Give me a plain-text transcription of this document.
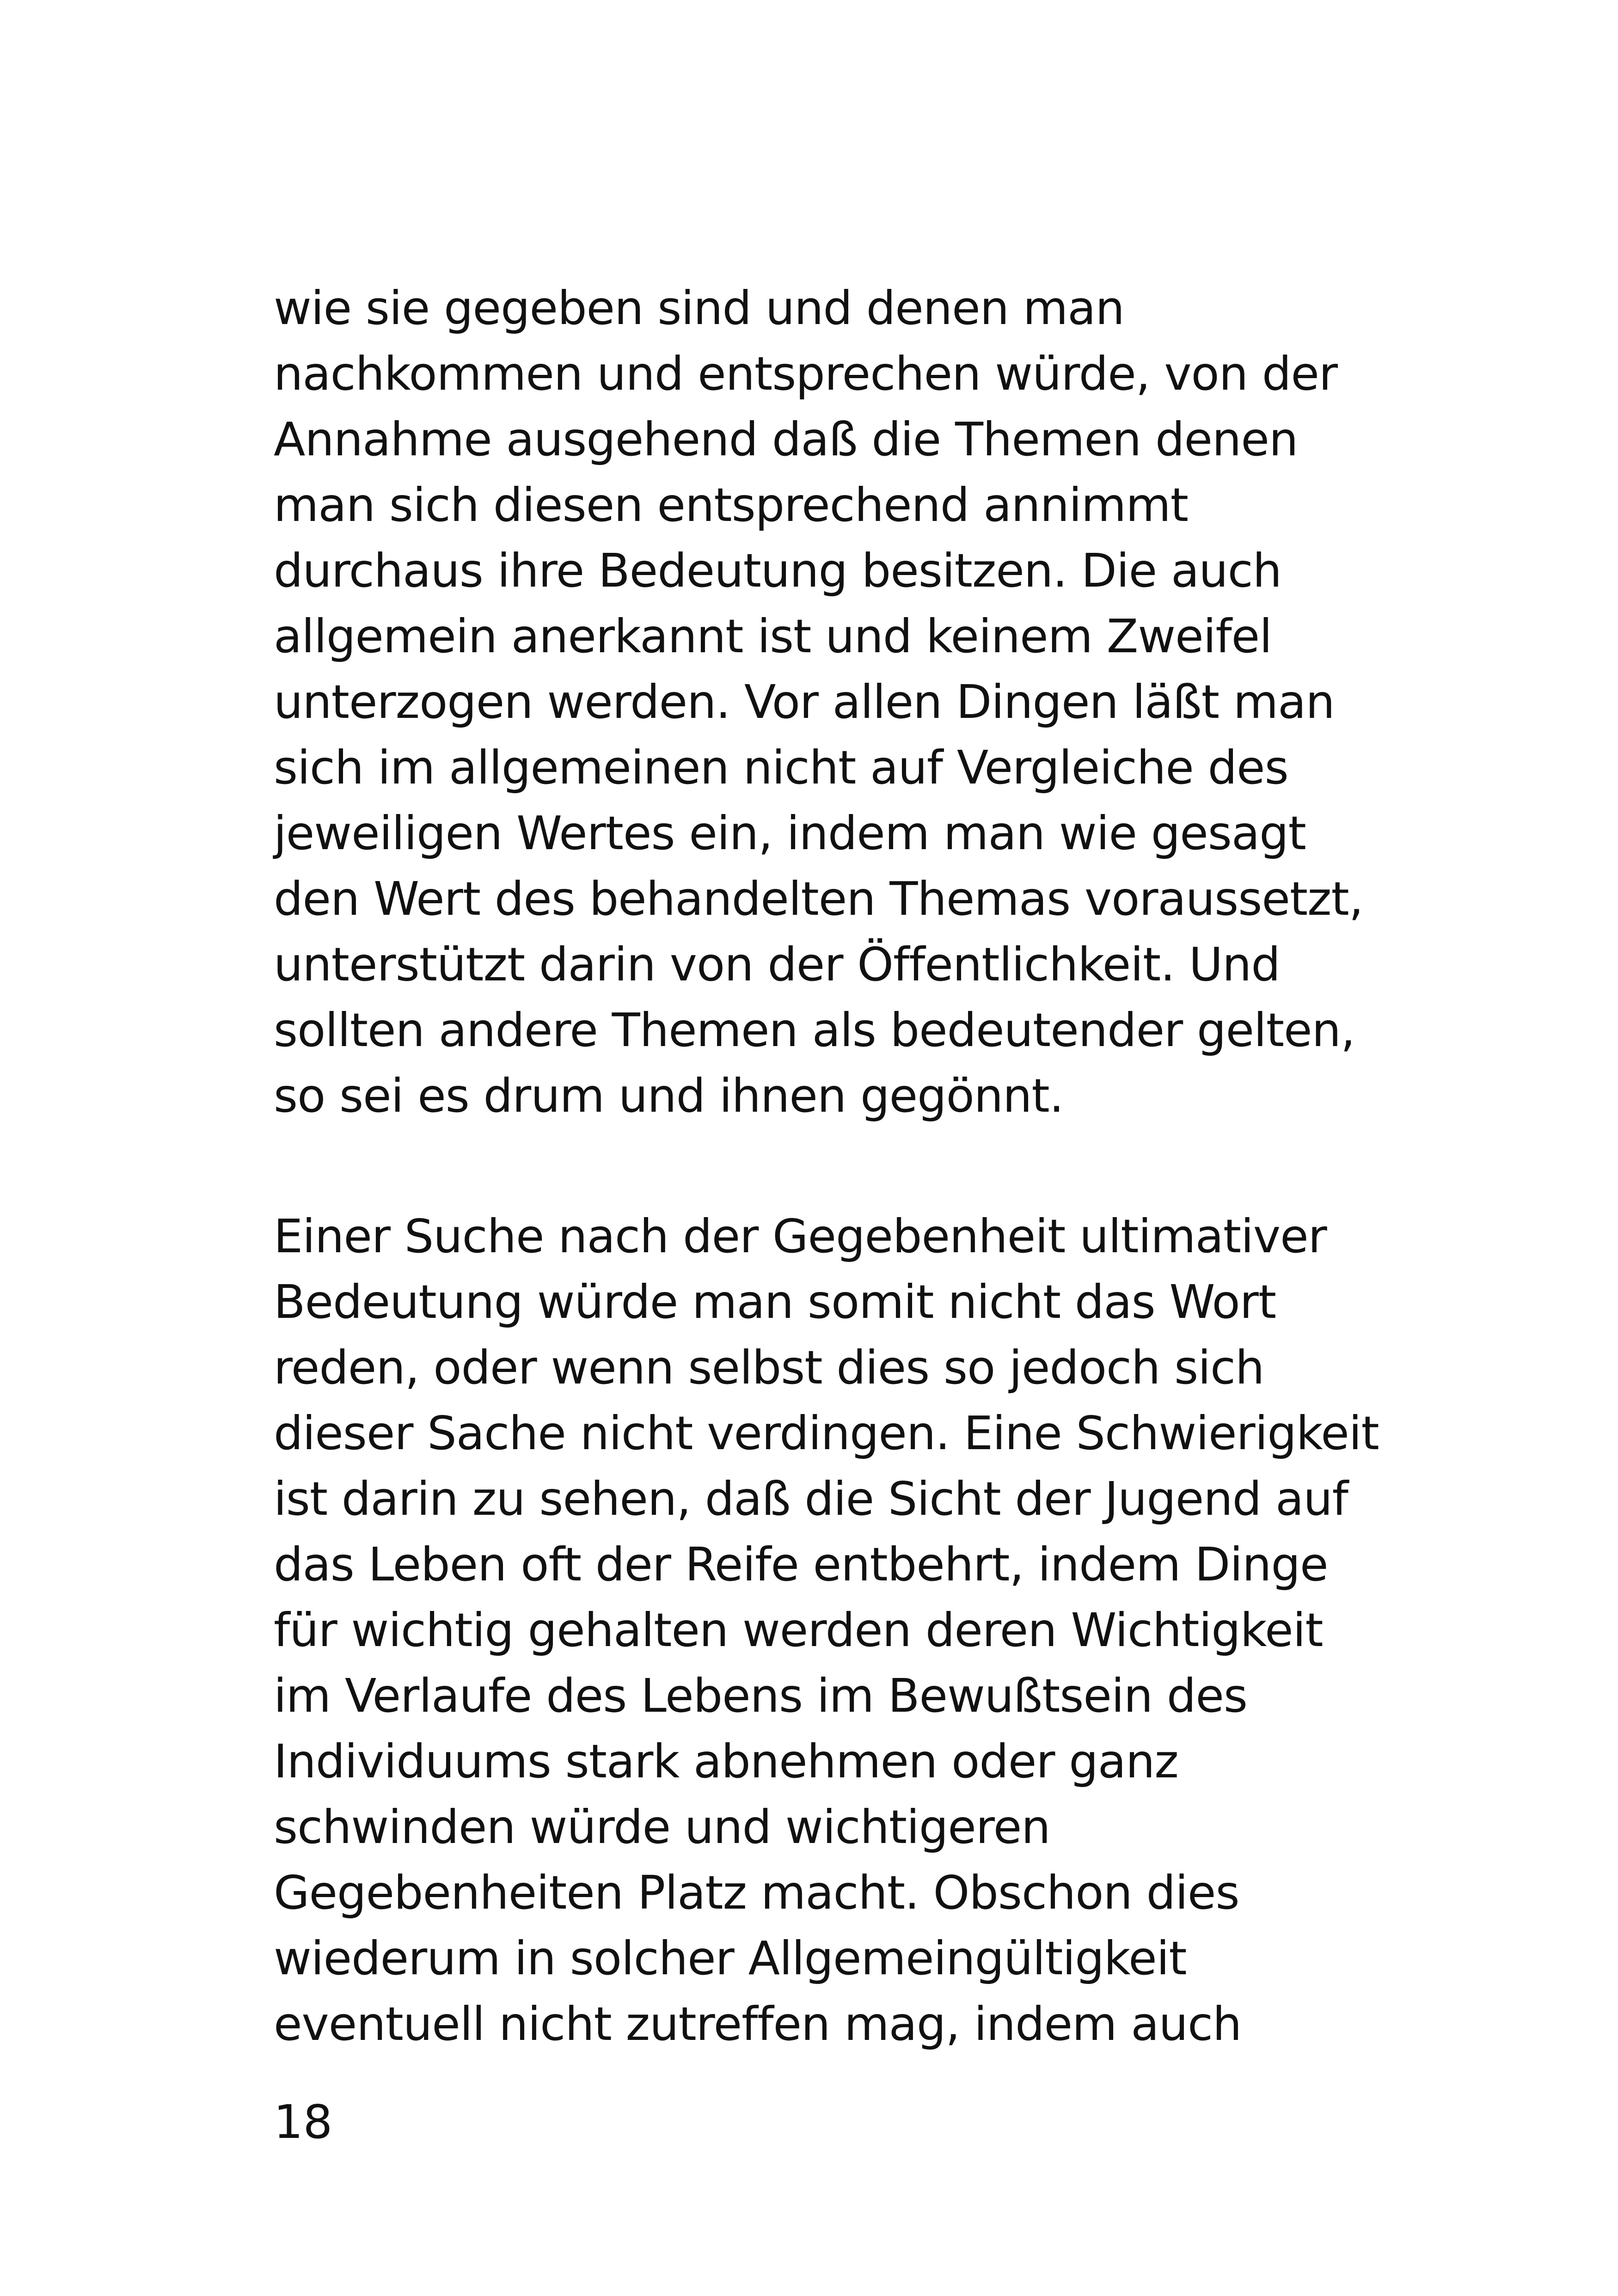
wie sie gegeben sind und denen man
nachkommen und entsprechen würde, von der
Annahme ausgehend daß die Themen denen
man sich diesen entsprechend annimmt
durchaus ihre Bedeutung besitzen. Die auch
allgemein anerkannt ist und keinem Zweifel
unterzogen werden. Vor allen Dingen läßt man
sich im allgemeinen nicht auf Vergleiche des
jeweiligen Wertes ein, indem man wie gesagt
den Wert des behandelten Themas voraussetzt,
unterstützt darin von der Öffentlichkeit. Und
sollten andere Themen als bedeutender gelten,
so sei es drum und ihnen gegönnt.
Einer Suche nach der Gegebenheit ultimativer
Bedeutung würde man somit nicht das Wort
reden, oder wenn selbst dies so jedoch sich
dieser Sache nicht verdingen. Eine Schwierigkeit
ist darin zu sehen, daß die Sicht der Jugend auf
das Leben oft der Reife entbehrt, indem Dinge
für wichtig gehalten werden deren Wichtigkeit
im Verlaufe des Lebens im Bewußtsein des
Individuums stark abnehmen oder ganz
schwinden würde und wichtigeren
Gegebenheiten Platz macht. Obschon dies
wiederum in solcher Allgemeingültigkeit
eventuell nicht zutreffen mag, indem auch
18
